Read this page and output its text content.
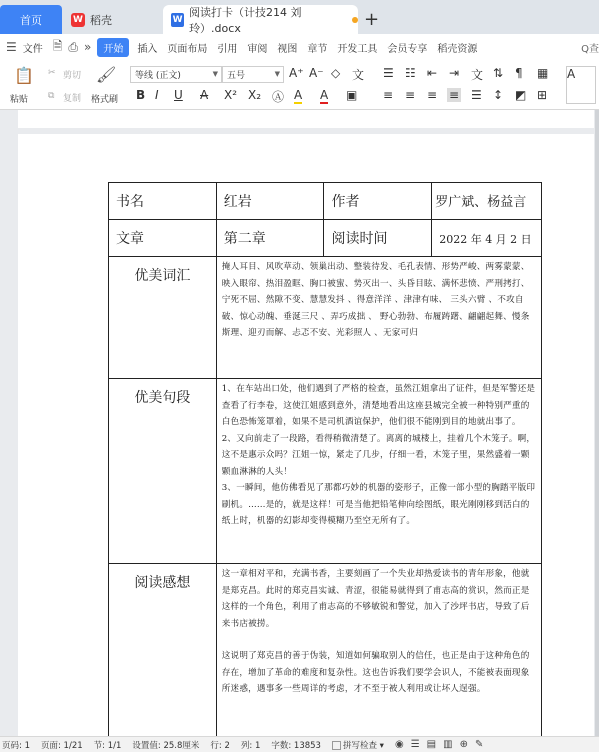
首页	W 稻壳	W
阅读打卡（计技214 刘玲）.docx	+
☰ 文件 🗎 ⎙ »	开始	插入 页面布局 引用 审阅 视图 章节 开发工具 会员专享 稻壳资源	Q查
📋
粘贴
✂ 剪切
⧉ 复制
🖌
格式刷
等线 (正文)	▼ 五号	▼ A⁺ A⁻ ◇ 文
B I U A X² X₂ Ⓐ A A ▣
☰ ☷ ⇤ ⇥ 文 ⇅ ¶ ▦ A
≡ ≡ ≡ ≡ ☰ ↕ ◩ ⊞
书名	红岩	作者	罗广斌、杨益言
文章	第二章	阅读时间	2022 年 4 月 2 日
优美词汇	掩人耳目、风吹草动、领巢出动、整装待发、毛孔表情、形势严峻、两雾蒙蒙、映入眼帘、热泪盈眶、胸口被蜜、势灭出一、头昏目眩、满怀悲愤、严刑拷打、宁死不屈、然隙不变、慧慧发抖 、得意洋洋 、津津有味、 三头六臂 、不攻自破、惊心动魄、垂涎三尺 、弄巧成拙 、 野心勃勃、布履踌躇、翩翩起舞、慢条斯理、迎刃而解、忐忑不安、光彩照人 、无家可归		

优美句段	1、在车站出口处，他们遇到了严格的检查，虽然江姐拿出了证件，但是军警还是查看了行李卷，这使江姐感到意外，清楚地看出这座县城完全被一种特别严重的白色恐怖笼罩着，如果不是司机酒谊保护，他们很不能刚到目的地就出事了。

2、又向前走了一段路，看得稍微清楚了。离离的城楼上，挂着几个木笼子。啊，这不是惠示众吗？江姐一惊，紧走了几步，仔细一看，木笼子里，果然盛着一颗颗血淋淋的人头！

3、一瞬间，他仿佛看见了那都巧妙的机器的姿形子，正像一部小型的胸踏平版印刷机。……是的，就是这样！可是当他把铅笔伸向绘图纸，眼光刚刚移到活白的纸上时，机器的幻影却变得模糊乃至空无所有了。		

阅读感想	这一章相对平和，充满书香，主要刻画了一个失业却热爱读书的青年形象，他就是郑克昌。此时的郑克昌实诚、青涩，很能易就得到了甫志高的赏识，然而正是这样的一个角色，利用了甫志高的不够敏锐和警觉，加入了沙坪书店，导致了后来书店被捞。

这说明了郑克昌的善于伪装，知道如何骗取别人的信任，也正是由于这种角色的存在，增加了革命的难度和复杂性。这也告诉我们要学会识人，不能被表面现象所迷惑，遇事多一些周详的考虑，才不至于被人利用或让坏人逞强。		

页码: 1 页面: 1/21 节: 1/1 设置值: 25.8厘米 行: 2 列: 1 字数: 13853	拼写检查 ▾ ◉ ☰ ▤ ▥ ⊕ ✎
